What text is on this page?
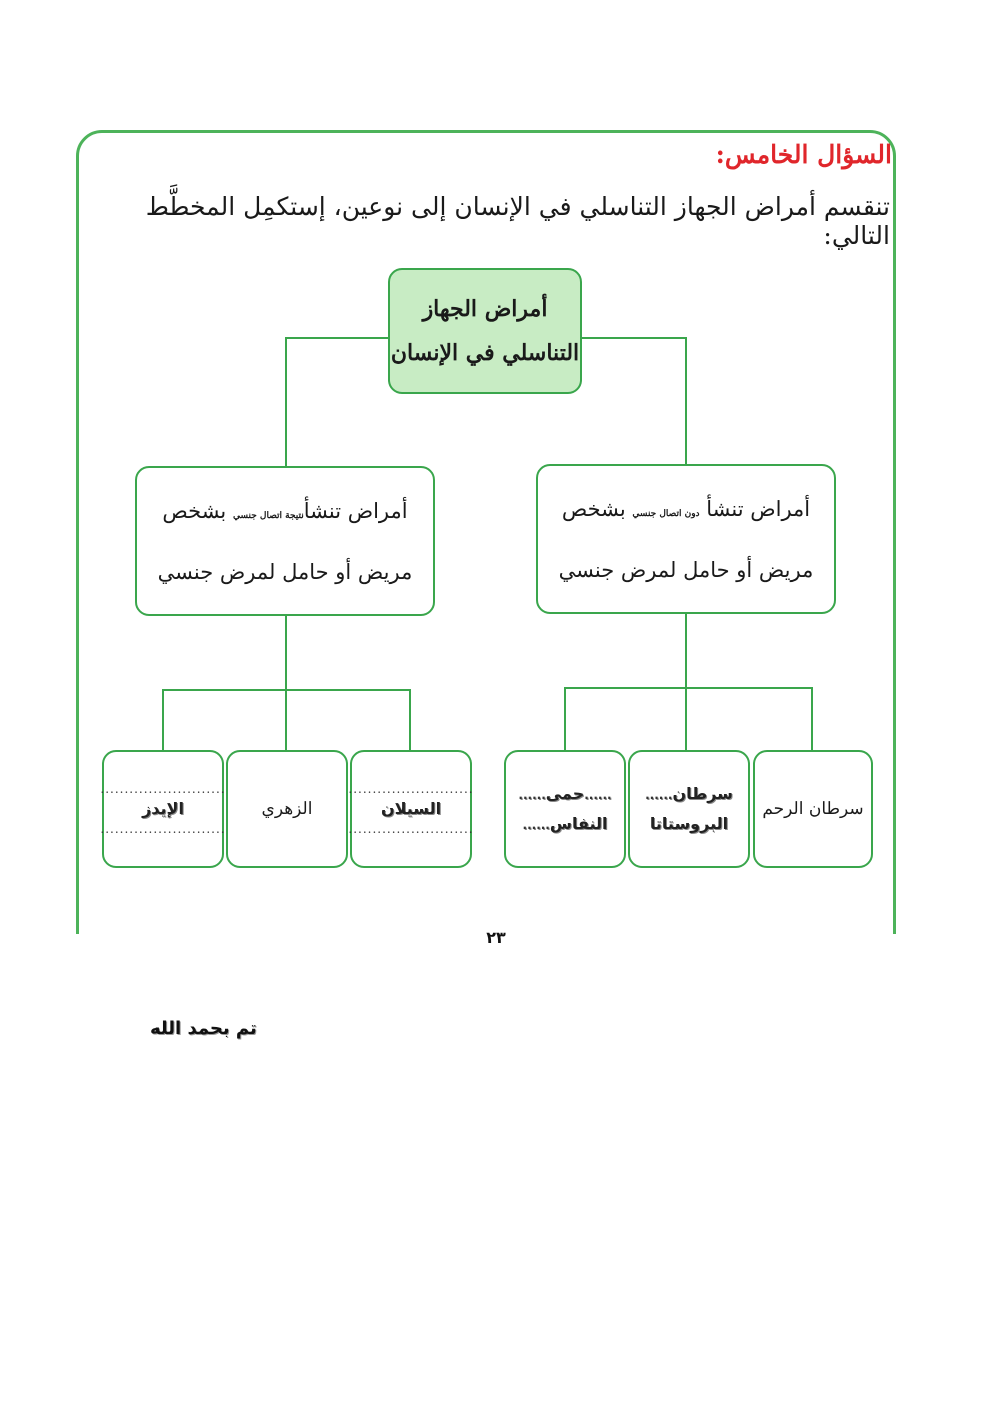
السؤال الخامس:
تنقسم أمراض الجهاز التناسلي في الإنسان إلى نوعين، إستكمِل المخطَّط التالي:
أمراض الجهاز
التناسلي في الإنسان
أمراض تنشأنتيجة اتصال جنسي بشخص
مريض أو حامل لمرض جنسي
أمراض تنشأ دون اتصال جنسي بشخص
مريض أو حامل لمرض جنسي
..........................
الإيدز
..........................
الزهري
..........................
السيلان
..........................
......حمى......
النفاس......
سرطان......
البروستاتا
سرطان الرحم
٢٣
تم بحمد الله
